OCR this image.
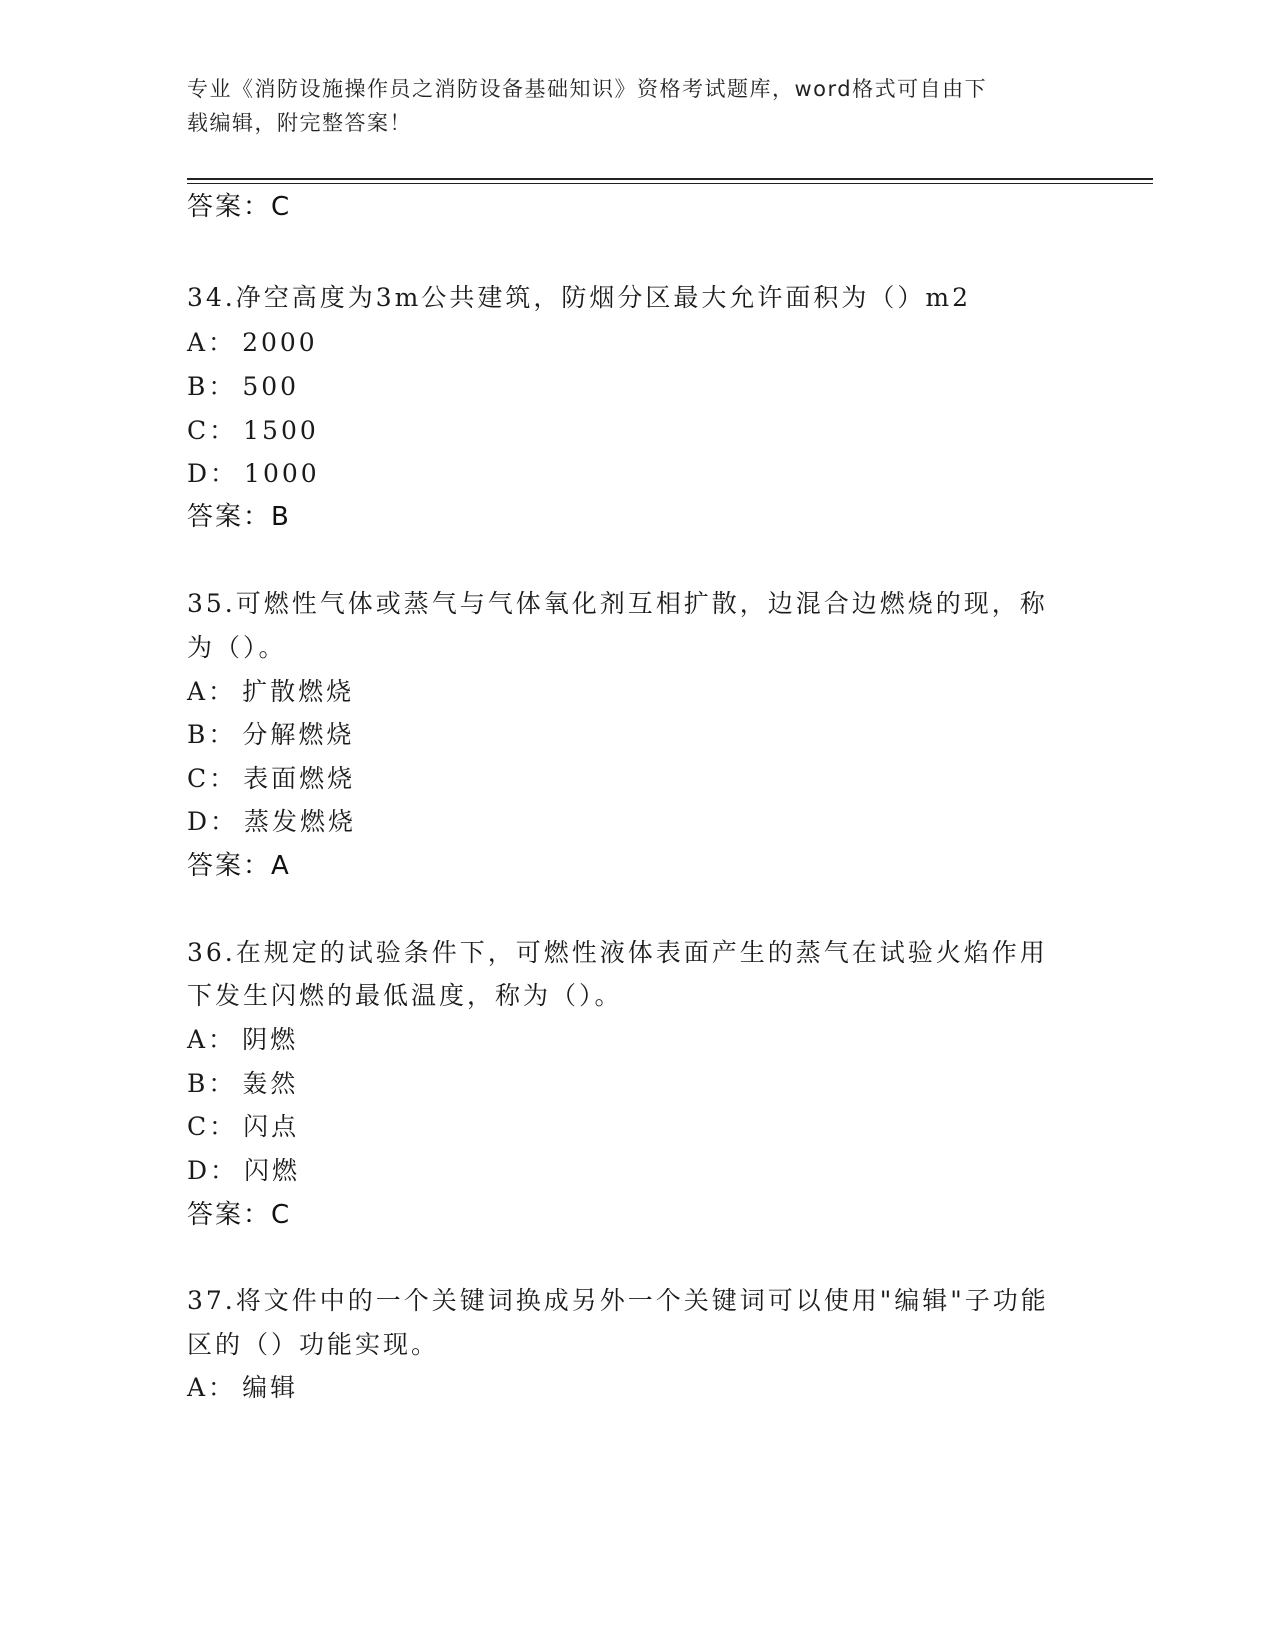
专业《消防设施操作员之消防设备基础知识》资格考试题库，word格式可自由下
载编辑，附完整答案！
答案：C
34.净空高度为3m公共建筑，防烟分区最大允许面积为（）m2
A： 2000
B： 500
C： 1500
D： 1000
答案：B
35.可燃性气体或蒸气与气体氧化剂互相扩散，边混合边燃烧的现，称
为（）。
A： 扩散燃烧
B： 分解燃烧
C： 表面燃烧
D： 蒸发燃烧
答案：A
36.在规定的试验条件下，可燃性液体表面产生的蒸气在试验火焰作用
下发生闪燃的最低温度，称为（）。
A： 阴燃
B： 轰然
C： 闪点
D： 闪燃
答案：C
37.将文件中的一个关键词换成另外一个关键词可以使用"编辑"子功能
区的（）功能实现。
A： 编辑
